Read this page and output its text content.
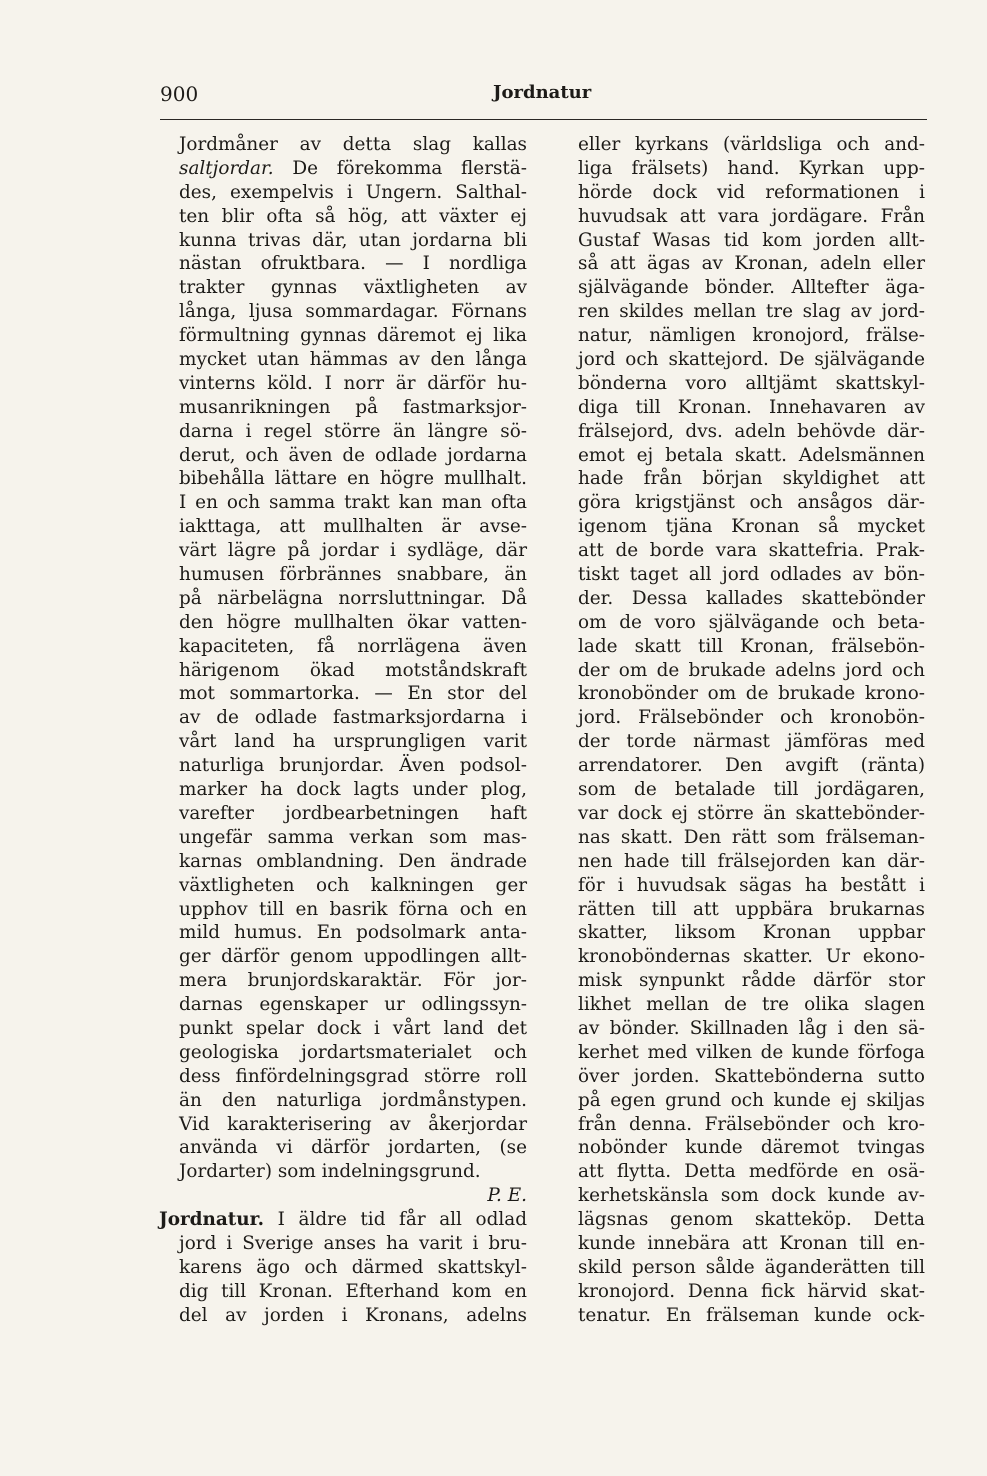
900	Jordnatur
Jordmåner av detta slag kallas
saltjordar. De förekomma flerstä-
des, exempelvis i Ungern. Salthal-
ten blir ofta så hög, att växter ej
kunna trivas där, utan jordarna bli
nästan ofruktbara. — I nordliga
trakter gynnas växtligheten av
långa, ljusa sommardagar. Förnans
förmultning gynnas däremot ej lika
mycket utan hämmas av den långa
vinterns köld. I norr är därför hu-
musanrikningen på fastmarksjor-
darna i regel större än längre sö-
derut, och även de odlade jordarna
bibehålla lättare en högre mullhalt.
I en och samma trakt kan man ofta
iakttaga, att mullhalten är avse-
värt lägre på jordar i sydläge, där
humusen förbrännes snabbare, än
på närbelägna norrsluttningar. Då
den högre mullhalten ökar vatten-
kapaciteten, få norrlägena även
härigenom ökad motståndskraft
mot sommartorka. — En stor del
av de odlade fastmarksjordarna i
vårt land ha ursprungligen varit
naturliga brunjordar. Även podsol-
marker ha dock lagts under plog,
varefter jordbearbetningen haft
ungefär samma verkan som mas-
karnas omblandning. Den ändrade
växtligheten och kalkningen ger
upphov till en basrik förna och en
mild humus. En podsolmark anta-
ger därför genom uppodlingen allt-
mera brunjordskaraktär. För jor-
darnas egenskaper ur odlingssyn-
punkt spelar dock i vårt land det
geologiska jordartsmaterialet och
dess finfördelningsgrad större roll
än den naturliga jordmånstypen.
Vid karakterisering av åkerjordar
använda vi därför jordarten, (se
Jordarter) som indelningsgrund.
P. E.
Jordnatur. I äldre tid får all odlad
jord i Sverige anses ha varit i bru-
karens ägo och därmed skattskyl-
dig till Kronan. Efterhand kom en
del av jorden i Kronans, adelns
eller kyrkans (världsliga och and-
liga frälsets) hand. Kyrkan upp-
hörde dock vid reformationen i
huvudsak att vara jordägare. Från
Gustaf Wasas tid kom jorden allt-
så att ägas av Kronan, adeln eller
självägande bönder. Alltefter äga-
ren skildes mellan tre slag av jord-
natur, nämligen kronojord, frälse-
jord och skattejord. De självägande
bönderna voro alltjämt skattskyl-
diga till Kronan. Innehavaren av
frälsejord, dvs. adeln behövde där-
emot ej betala skatt. Adelsmännen
hade från början skyldighet att
göra krigstjänst och ansågos där-
igenom tjäna Kronan så mycket
att de borde vara skattefria. Prak-
tiskt taget all jord odlades av bön-
der. Dessa kallades skattebönder
om de voro självägande och beta-
lade skatt till Kronan, frälsebön-
der om de brukade adelns jord och
kronobönder om de brukade krono-
jord. Frälsebönder och kronobön-
der torde närmast jämföras med
arrendatorer. Den avgift (ränta)
som de betalade till jordägaren,
var dock ej större än skattebönder-
nas skatt. Den rätt som frälseman-
nen hade till frälsejorden kan där-
för i huvudsak sägas ha bestått i
rätten till att uppbära brukarnas
skatter, liksom Kronan uppbar
kronoböndernas skatter. Ur ekono-
misk synpunkt rådde därför stor
likhet mellan de tre olika slagen
av bönder. Skillnaden låg i den sä-
kerhet med vilken de kunde förfoga
över jorden. Skattebönderna sutto
på egen grund och kunde ej skiljas
från denna. Frälsebönder och kro-
nobönder kunde däremot tvingas
att flytta. Detta medförde en osä-
kerhetskänsla som dock kunde av-
lägsnas genom skatteköp. Detta
kunde innebära att Kronan till en-
skild person sålde äganderätten till
kronojord. Denna fick härvid skat-
tenatur. En frälseman kunde ock-
